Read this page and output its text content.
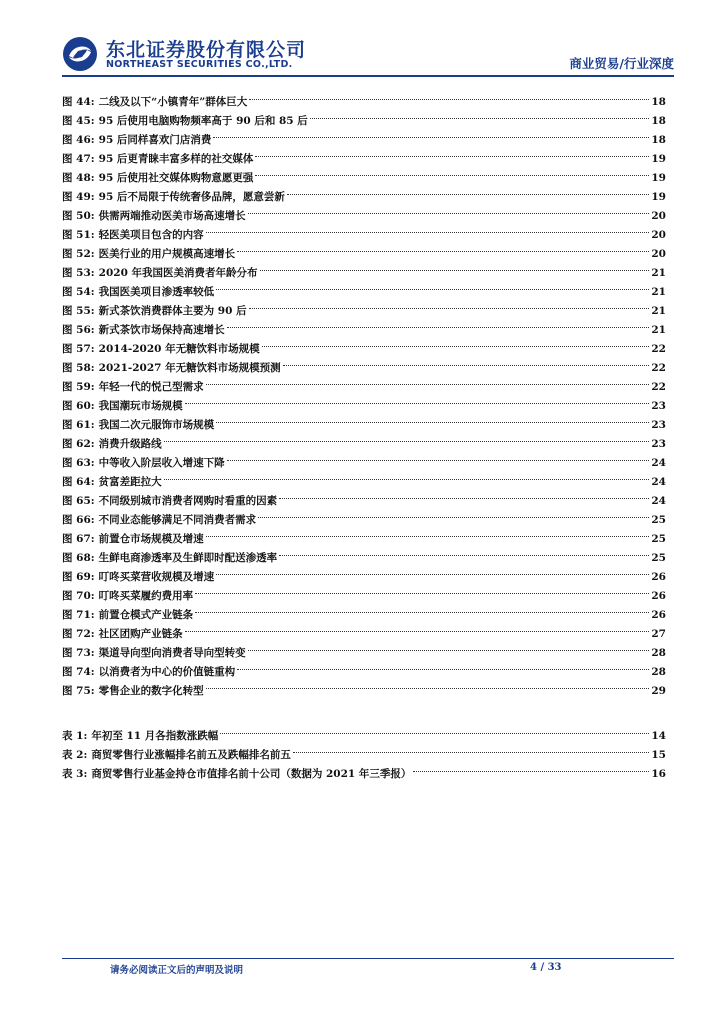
东北证券股份有限公司
NORTHEAST SECURITIES CO.,LTD.	商业贸易/行业深度
图 44: 二线及以下“小镇青年”群体巨大	18
图 45: 95 后使用电脑购物频率高于 90 后和 85 后	18
图 46: 95 后同样喜欢门店消费	18
图 47: 95 后更青睐丰富多样的社交媒体	19
图 48: 95 后使用社交媒体购物意愿更强	19
图 49: 95 后不局限于传统奢侈品牌，愿意尝新	19
图 50: 供需两端推动医美市场高速增长	20
图 51: 轻医美项目包含的内容	20
图 52: 医美行业的用户规模高速增长	20
图 53: 2020 年我国医美消费者年龄分布	21
图 54: 我国医美项目渗透率较低	21
图 55: 新式茶饮消费群体主要为 90 后	21
图 56: 新式茶饮市场保持高速增长	21
图 57: 2014-2020 年无糖饮料市场规模	22
图 58: 2021-2027 年无糖饮料市场规模预测	22
图 59: 年轻一代的悦己型需求	22
图 60: 我国潮玩市场规模	23
图 61: 我国二次元服饰市场规模	23
图 62: 消费升级路线	23
图 63: 中等收入阶层收入增速下降	24
图 64: 贫富差距拉大	24
图 65: 不同级别城市消费者网购时看重的因素	24
图 66: 不同业态能够满足不同消费者需求	25
图 67: 前置仓市场规模及增速	25
图 68: 生鲜电商渗透率及生鲜即时配送渗透率	25
图 69: 叮咚买菜营收规模及增速	26
图 70: 叮咚买菜履约费用率	26
图 71: 前置仓模式产业链条	26
图 72: 社区团购产业链条	27
图 73: 渠道导向型向消费者导向型转变	28
图 74: 以消费者为中心的价值链重构	28
图 75: 零售企业的数字化转型	29
表 1: 年初至 11 月各指数涨跌幅	14
表 2: 商贸零售行业涨幅排名前五及跌幅排名前五	15
表 3: 商贸零售行业基金持仓市值排名前十公司（数据为 2021 年三季报）	16
请务必阅读正文后的声明及说明	4 / 33
